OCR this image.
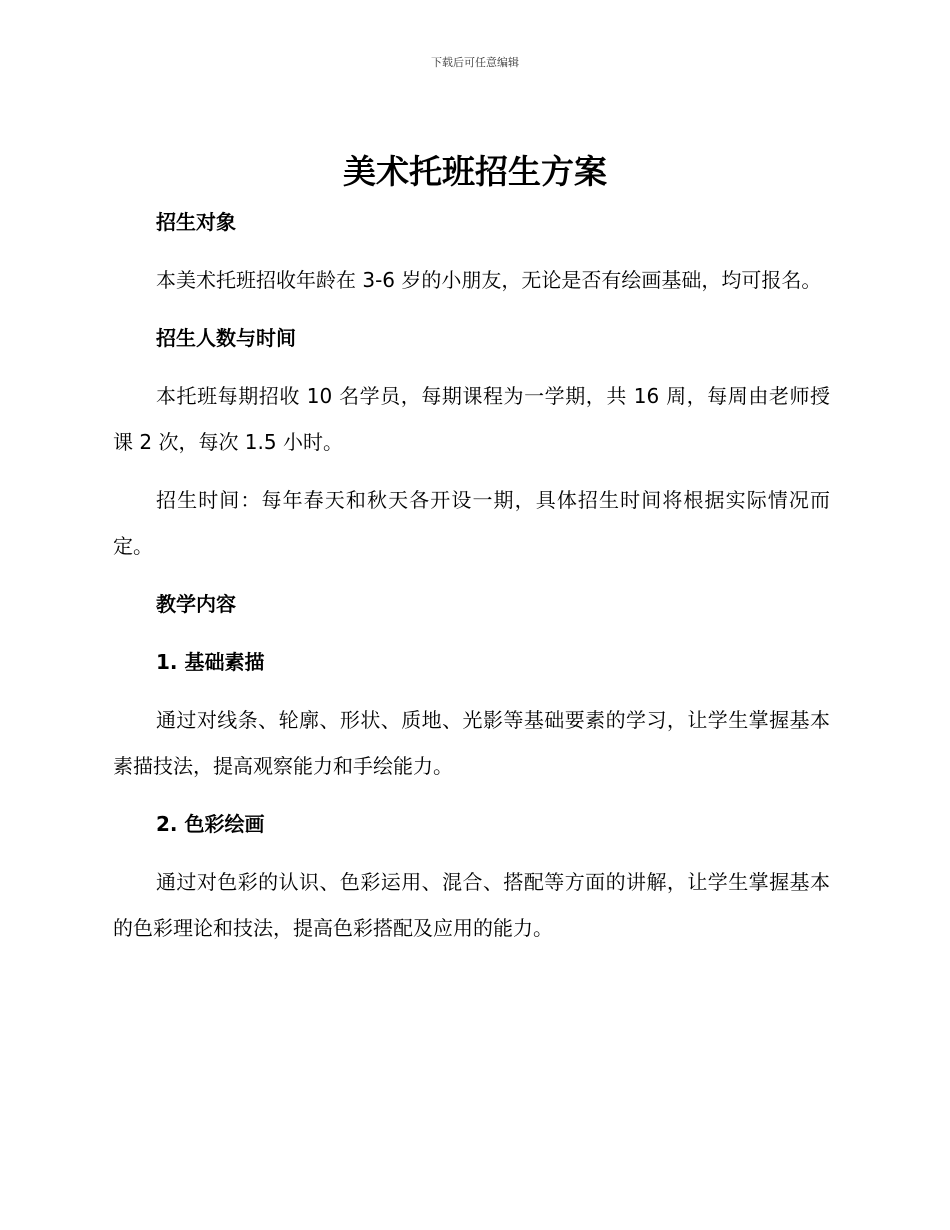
下载后可任意编辑
美术托班招生方案
招生对象
本美术托班招收年龄在 3-6 岁的小朋友，无论是否有绘画基础，均可报名。
招生人数与时间
本托班每期招收 10 名学员，每期课程为一学期，共 16 周，每周由老师授课 2 次，每次 1.5 小时。
招生时间：每年春天和秋天各开设一期，具体招生时间将根据实际情况而定。
教学内容
1. 基础素描
通过对线条、轮廓、形状、质地、光影等基础要素的学习，让学生掌握基本素描技法，提高观察能力和手绘能力。
2. 色彩绘画
通过对色彩的认识、色彩运用、混合、搭配等方面的讲解，让学生掌握基本的色彩理论和技法，提高色彩搭配及应用的能力。
